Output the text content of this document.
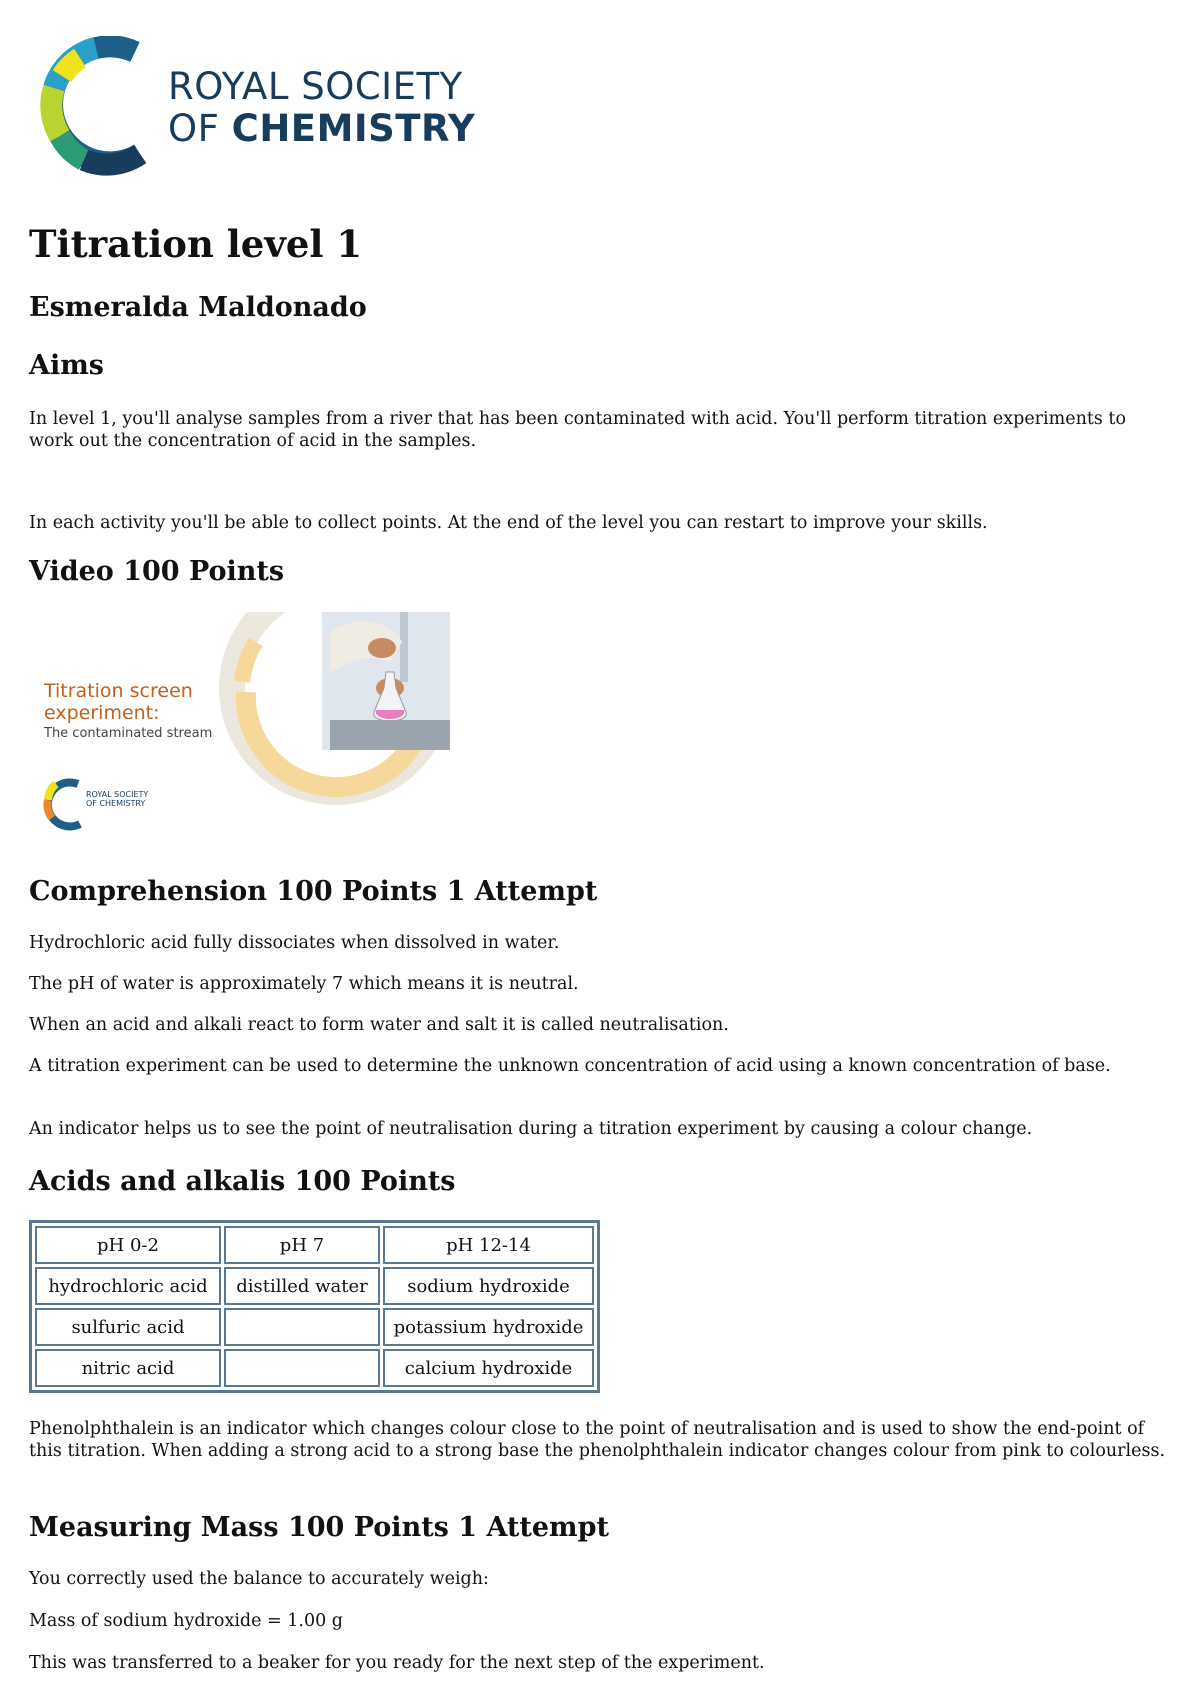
ROYAL SOCIETY
OF CHEMISTRY
Titration level 1
Esmeralda Maldonado
Aims

In level 1, you'll analyse samples from a river that has been contaminated with acid. You'll perform titration experiments to work out the concentration of acid in the samples.

In each activity you'll be able to collect points. At the end of the level you can restart to improve your skills.

Video 100 Points
Titration screen
experiment:
The contaminated stream
ROYAL SOCIETY
OF CHEMISTRY
Comprehension 100 Points 1 Attempt

Hydrochloric acid fully dissociates when dissolved in water.

The pH of water is approximately 7 which means it is neutral.

When an acid and alkali react to form water and salt it is called neutralisation.

A titration experiment can be used to determine the unknown concentration of acid using a known concentration of base.

An indicator helps us to see the point of neutralisation during a titration experiment by causing a colour change.

Acids and alkalis 100 Points
pH 0-2	pH 7	pH 12-14
hydrochloric acid	distilled water	sodium hydroxide
sulfuric acid		potassium hydroxide
nitric acid		calcium hydroxide

Phenolphthalein is an indicator which changes colour close to the point of neutralisation and is used to show the end-point of this titration. When adding a strong acid to a strong base the phenolphthalein indicator changes colour from pink to colourless.

Measuring Mass 100 Points 1 Attempt

You correctly used the balance to accurately weigh:

Mass of sodium hydroxide = 1.00 g

This was transferred to a beaker for you ready for the next step of the experiment.
